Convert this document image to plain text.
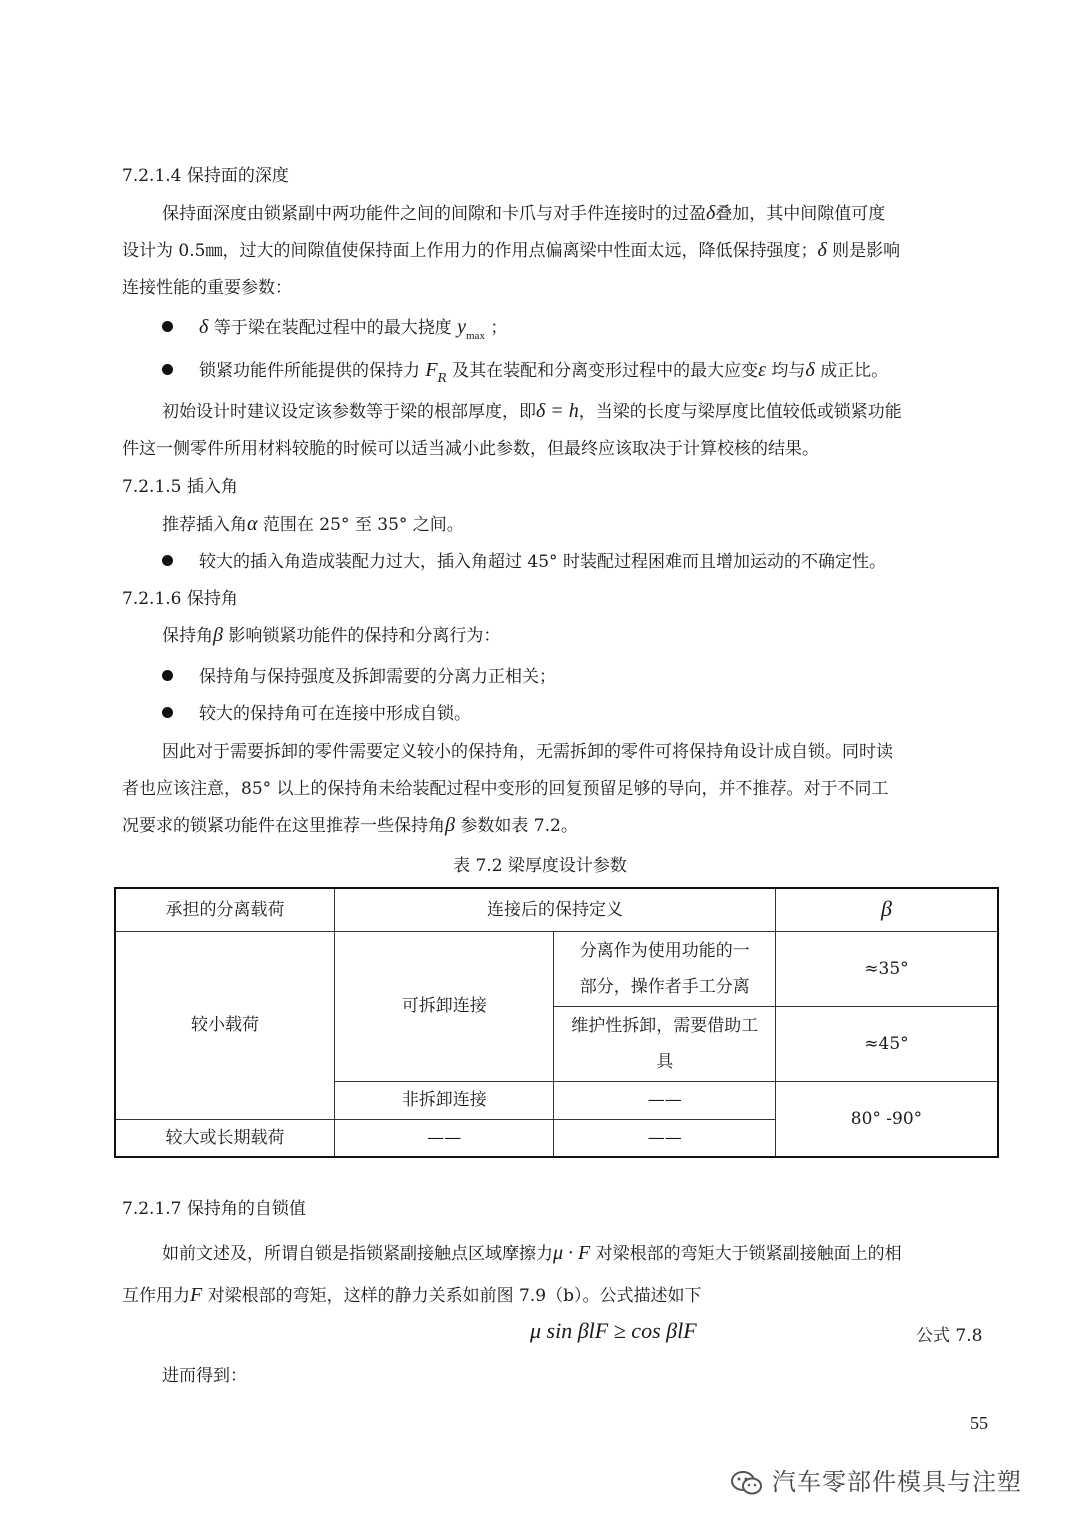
7.2.1.4 保持面的深度
保持面深度由锁紧副中两功能件之间的间隙和卡爪与对手件连接时的过盈δ叠加，其中间隙值可度
设计为 0.5㎜，过大的间隙值使保持面上作用力的作用点偏离梁中性面太远，降低保持强度；δ 则是影响
连接性能的重要参数：
δ 等于梁在装配过程中的最大挠度 $y_{max}$ ；
锁紧功能件所能提供的保持力 $F_R$ 及其在装配和分离变形过程中的最大应变ε 均与δ 成正比。
初始设计时建议设定该参数等于梁的根部厚度，即δ = h，当梁的长度与梁厚度比值较低或锁紧功能
件这一侧零件所用材料较脆的时候可以适当减小此参数，但最终应该取决于计算校核的结果。
7.2.1.5 插入角
推荐插入角α 范围在 25° 至 35° 之间。
较大的插入角造成装配力过大，插入角超过 45° 时装配过程困难而且增加运动的不确定性。
7.2.1.6 保持角
保持角β 影响锁紧功能件的保持和分离行为：
保持角与保持强度及拆卸需要的分离力正相关；
较大的保持角可在连接中形成自锁。
因此对于需要拆卸的零件需要定义较小的保持角，无需拆卸的零件可将保持角设计成自锁。同时读
者也应该注意，85° 以上的保持角未给装配过程中变形的回复预留足够的导向，并不推荐。对于不同工
况要求的锁紧功能件在这里推荐一些保持角β 参数如表 7.2。
表 7.2 梁厚度设计参数
承担的分离载荷	连接后的保持定义		β
较小载荷	可拆卸连接	分离作为使用功能的一
部分，操作者手工分离	≈35°

		维护性拆卸，需要借助工
具	≈45°
	非拆卸连接	——	80° -90°
较大或长期载荷	——	——	
7.2.1.7 保持角的自锁值
如前文述及，所谓自锁是指锁紧副接触点区域摩擦力μ · F 对梁根部的弯矩大于锁紧副接触面上的相
互作用力F 对梁根部的弯矩，这样的静力关系如前图 7.9（b）。公式描述如下
μ sin βlF ≥ cos βlF	公式 7.8
进而得到：
55
汽车零部件模具与注塑
